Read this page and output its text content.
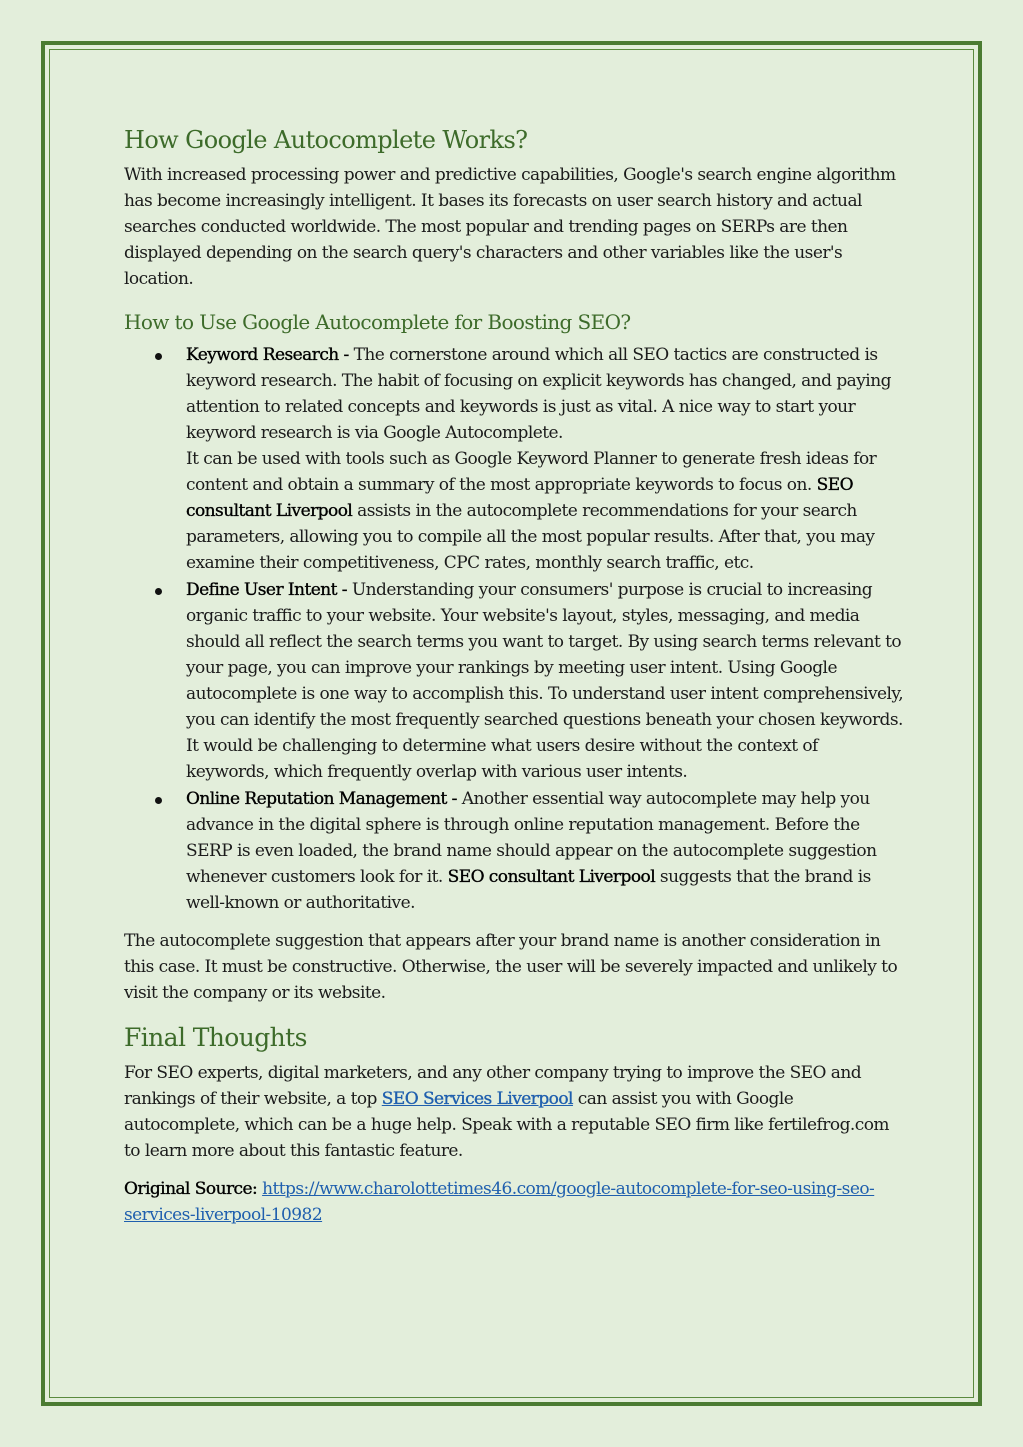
How Google Autocomplete Works?

With increased processing power and predictive capabilities, Google's search engine algorithm has become increasingly intelligent. It bases its forecasts on user search history and actual searches conducted worldwide. The most popular and trending pages on SERPs are then displayed depending on the search query's characters and other variables like the user's location.

How to Use Google Autocomplete for Boosting SEO?
Keyword Research - The cornerstone around which all SEO tactics are constructed is keyword research. The habit of focusing on explicit keywords has changed, and paying attention to related concepts and keywords is just as vital. A nice way to start your keyword research is via Google Autocomplete.
It can be used with tools such as Google Keyword Planner to generate fresh ideas for content and obtain a summary of the most appropriate keywords to focus on. SEO consultant Liverpool assists in the autocomplete recommendations for your search parameters, allowing you to compile all the most popular results. After that, you may examine their competitiveness, CPC rates, monthly search traffic, etc.
Define User Intent - Understanding your consumers' purpose is crucial to increasing organic traffic to your website. Your website's layout, styles, messaging, and media should all reflect the search terms you want to target. By using search terms relevant to your page, you can improve your rankings by meeting user intent. Using Google autocomplete is one way to accomplish this. To understand user intent comprehensively, you can identify the most frequently searched questions beneath your chosen keywords. It would be challenging to determine what users desire without the context of keywords, which frequently overlap with various user intents.
Online Reputation Management - Another essential way autocomplete may help you advance in the digital sphere is through online reputation management. Before the SERP is even loaded, the brand name should appear on the autocomplete suggestion whenever customers look for it. SEO consultant Liverpool suggests that the brand is well-known or authoritative.

The autocomplete suggestion that appears after your brand name is another consideration in this case. It must be constructive. Otherwise, the user will be severely impacted and unlikely to visit the company or its website.

Final Thoughts

For SEO experts, digital marketers, and any other company trying to improve the SEO and rankings of their website, a top SEO Services Liverpool can assist you with Google autocomplete, which can be a huge help. Speak with a reputable SEO firm like fertilefrog.com to learn more about this fantastic feature.

Original Source: https://www.charolottetimes46.com/google-autocomplete-for-seo-using-seo-services-liverpool-10982
